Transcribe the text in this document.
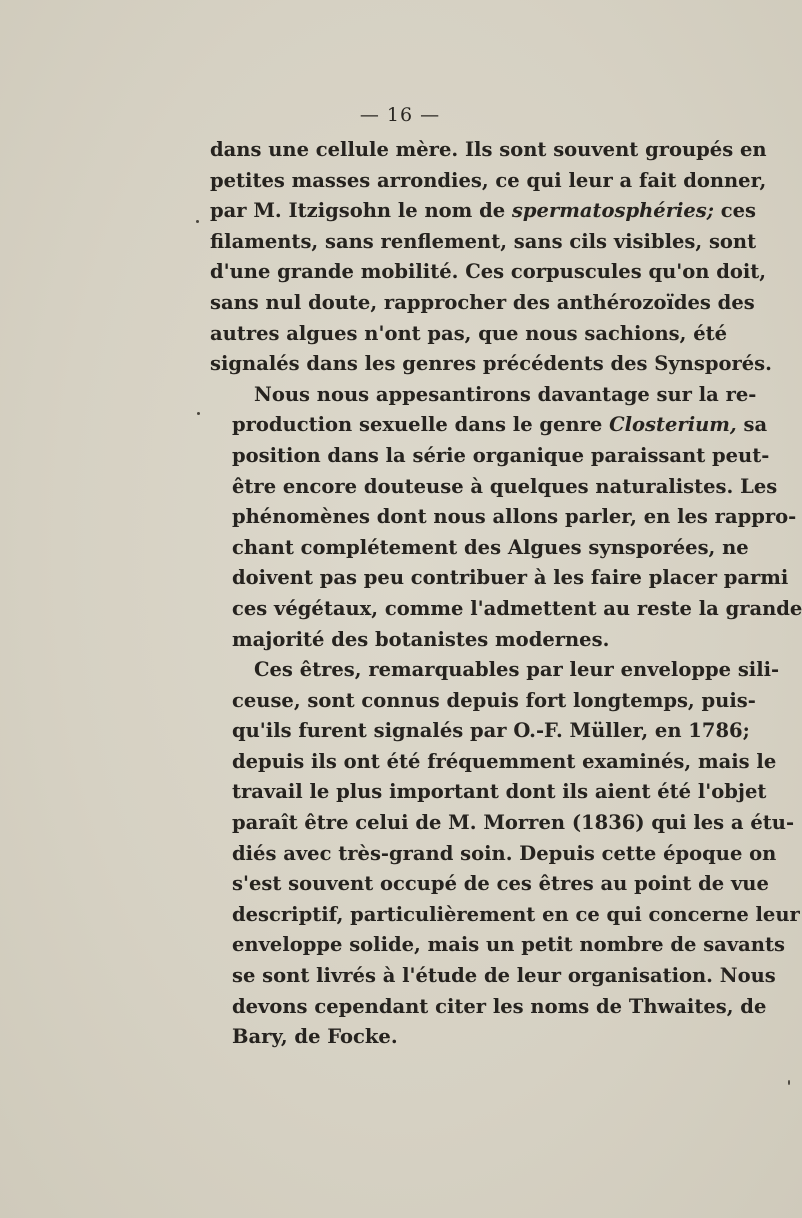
— 16 —

dans une cellule mère. Ils sont souvent groupés en
petites masses arrondies, ce qui leur a fait donner,
par M. Itzigsohn le nom de spermatosphéries; ces
filaments, sans renflement, sans cils visibles, sont
d'une grande mobilité. Ces corpuscules qu'on doit,
sans nul doute, rapprocher des anthérozoïdes des
autres algues n'ont pas, que nous sachions, été
signalés dans les genres précédents des Synsporés.

Nous nous appesantirons davantage sur la re-
production sexuelle dans le genre Closterium, sa
position dans la série organique paraissant peut-
être encore douteuse à quelques naturalistes. Les
phénomènes dont nous allons parler, en les rappro-
chant complétement des Algues synsporées, ne
doivent pas peu contribuer à les faire placer parmi
ces végétaux, comme l'admettent au reste la grande
majorité des botanistes modernes.

Ces êtres, remarquables par leur enveloppe sili-
ceuse, sont connus depuis fort longtemps, puis-
qu'ils furent signalés par O.-F. Müller, en 1786;
depuis ils ont été fréquemment examinés, mais le
travail le plus important dont ils aient été l'objet
paraît être celui de M. Morren (1836) qui les a étu-
diés avec très-grand soin. Depuis cette époque on
s'est souvent occupé de ces êtres au point de vue
descriptif, particulièrement en ce qui concerne leur
enveloppe solide, mais un petit nombre de savants
se sont livrés à l'étude de leur organisation. Nous
devons cependant citer les noms de Thwaites, de
Bary, de Focke.
